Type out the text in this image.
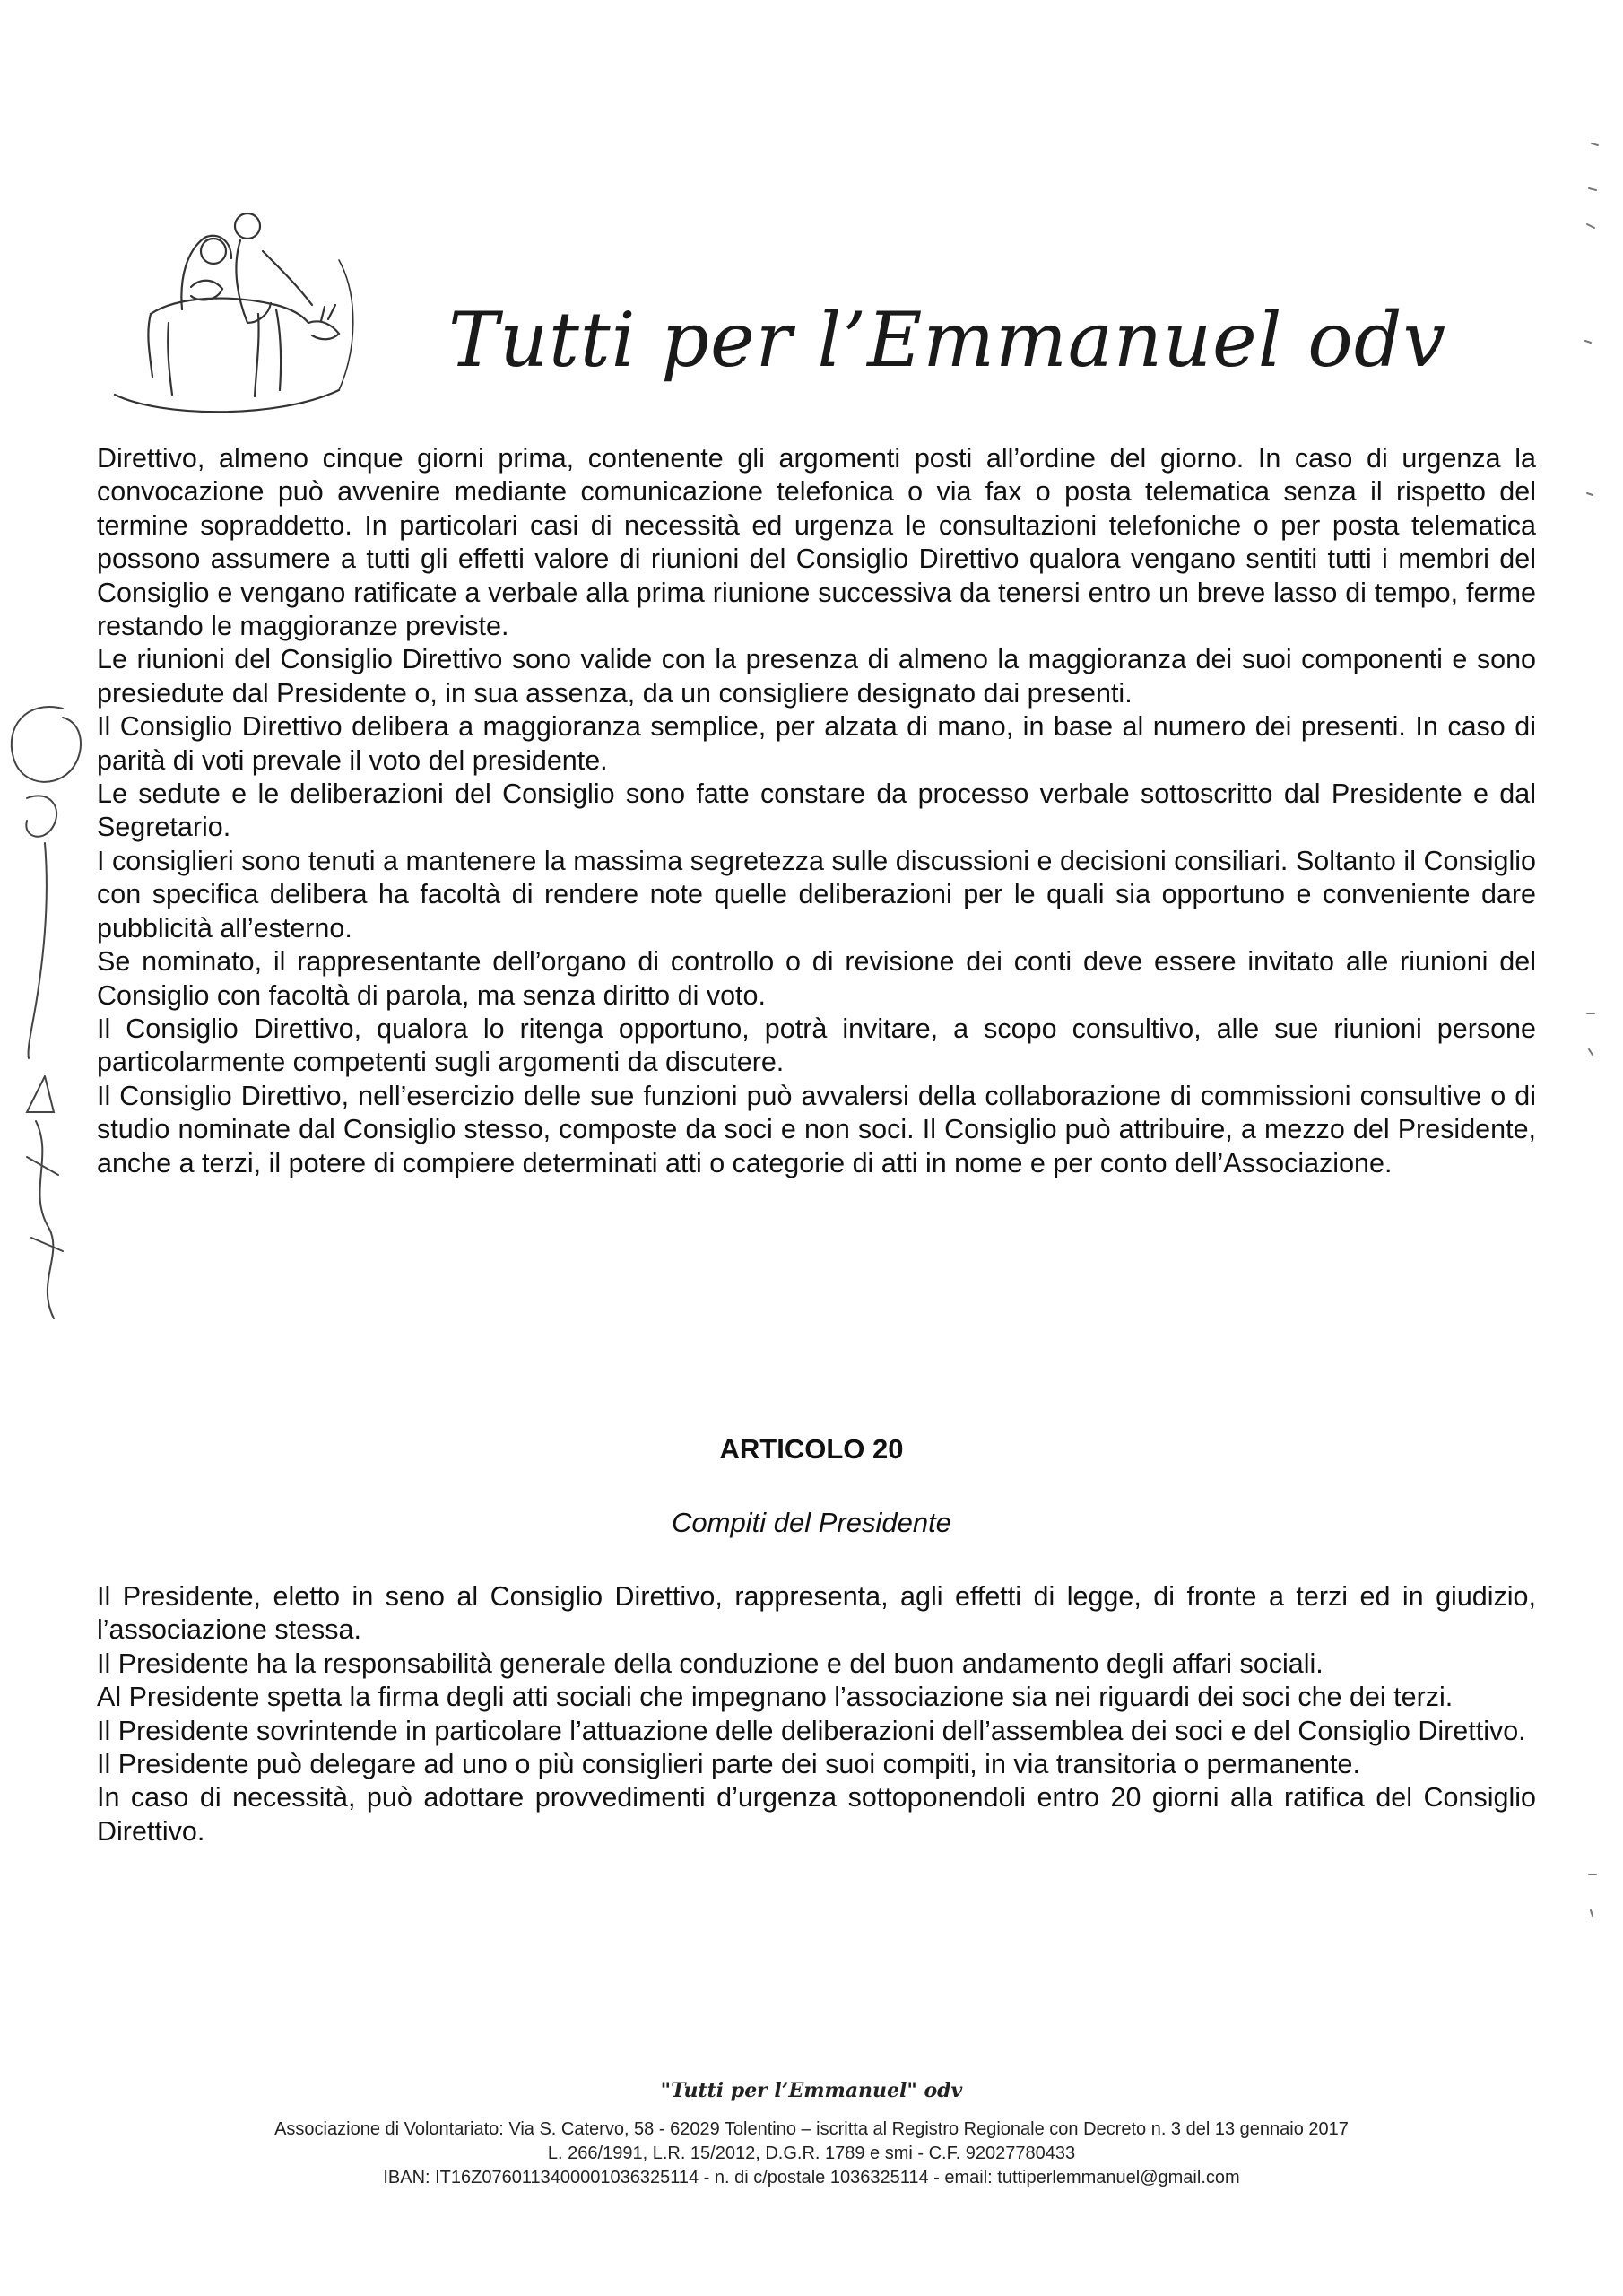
Tutti per l’Emmanuel odv

Direttivo, almeno cinque giorni prima, contenente gli argomenti posti all’ordine del giorno. In caso di urgenza la convocazione può avvenire mediante comunicazione telefonica o via fax o posta telematica senza il rispetto del termine sopraddetto. In particolari casi di necessità ed urgenza le consultazioni telefoniche o per posta telematica possono assumere a tutti gli effetti valore di riunioni del Consiglio Direttivo qualora vengano sentiti tutti i membri del Consiglio e vengano ratificate a verbale alla prima riunione successiva da tenersi entro un breve lasso di tempo, ferme restando le maggioranze previste.

Le riunioni del Consiglio Direttivo sono valide con la presenza di almeno la maggioranza dei suoi componenti e sono presiedute dal Presidente o, in sua assenza, da un consigliere designato dai presenti.

Il Consiglio Direttivo delibera a maggioranza semplice, per alzata di mano, in base al numero dei presenti. In caso di parità di voti prevale il voto del presidente.

Le sedute e le deliberazioni del Consiglio sono fatte constare da processo verbale sottoscritto dal Presidente e dal Segretario.

I consiglieri sono tenuti a mantenere la massima segretezza sulle discussioni e decisioni consiliari. Soltanto il Consiglio con specifica delibera ha facoltà di rendere note quelle deliberazioni per le quali sia opportuno e conveniente dare pubblicità all’esterno.

Se nominato, il rappresentante dell’organo di controllo o di revisione dei conti deve essere invitato alle riunioni del Consiglio con facoltà di parola, ma senza diritto di voto.

Il Consiglio Direttivo, qualora lo ritenga opportuno, potrà invitare, a scopo consultivo, alle sue riunioni persone particolarmente competenti sugli argomenti da discutere.

Il Consiglio Direttivo, nell’esercizio delle sue funzioni può avvalersi della collaborazione di commissioni consultive o di studio nominate dal Consiglio stesso, composte da soci e non soci. Il Consiglio può attribuire, a mezzo del Presidente, anche a terzi, il potere di compiere determinati atti o categorie di atti in nome e per conto dell’Associazione.

ARTICOLO 20
Compiti del Presidente

Il Presidente, eletto in seno al Consiglio Direttivo, rappresenta, agli effetti di legge, di fronte a terzi ed in giudizio, l’associazione stessa.

Il Presidente ha la responsabilità generale della conduzione e del buon andamento degli affari sociali.

Al Presidente spetta la firma degli atti sociali che impegnano l’associazione sia nei riguardi dei soci che dei terzi.

Il Presidente sovrintende in particolare l’attuazione delle deliberazioni dell’assemblea dei soci e del Consiglio Direttivo.

Il Presidente può delegare ad uno o più consiglieri parte dei suoi compiti, in via transitoria o permanente.

In caso di necessità, può adottare provvedimenti d’urgenza sottoponendoli entro 20 giorni alla ratifica del Consiglio Direttivo.

"Tutti per l’Emmanuel" odv
Associazione di Volontariato: Via S. Catervo, 58 - 62029 Tolentino – iscritta al Registro Regionale con Decreto n. 3 del 13 gennaio 2017
L. 266/1991, L.R. 15/2012, D.G.R. 1789 e smi - C.F. 92027780433
IBAN: IT16Z0760113400001036325114 - n. di c/postale 1036325114 - email: tuttiperlemmanuel@gmail.com
